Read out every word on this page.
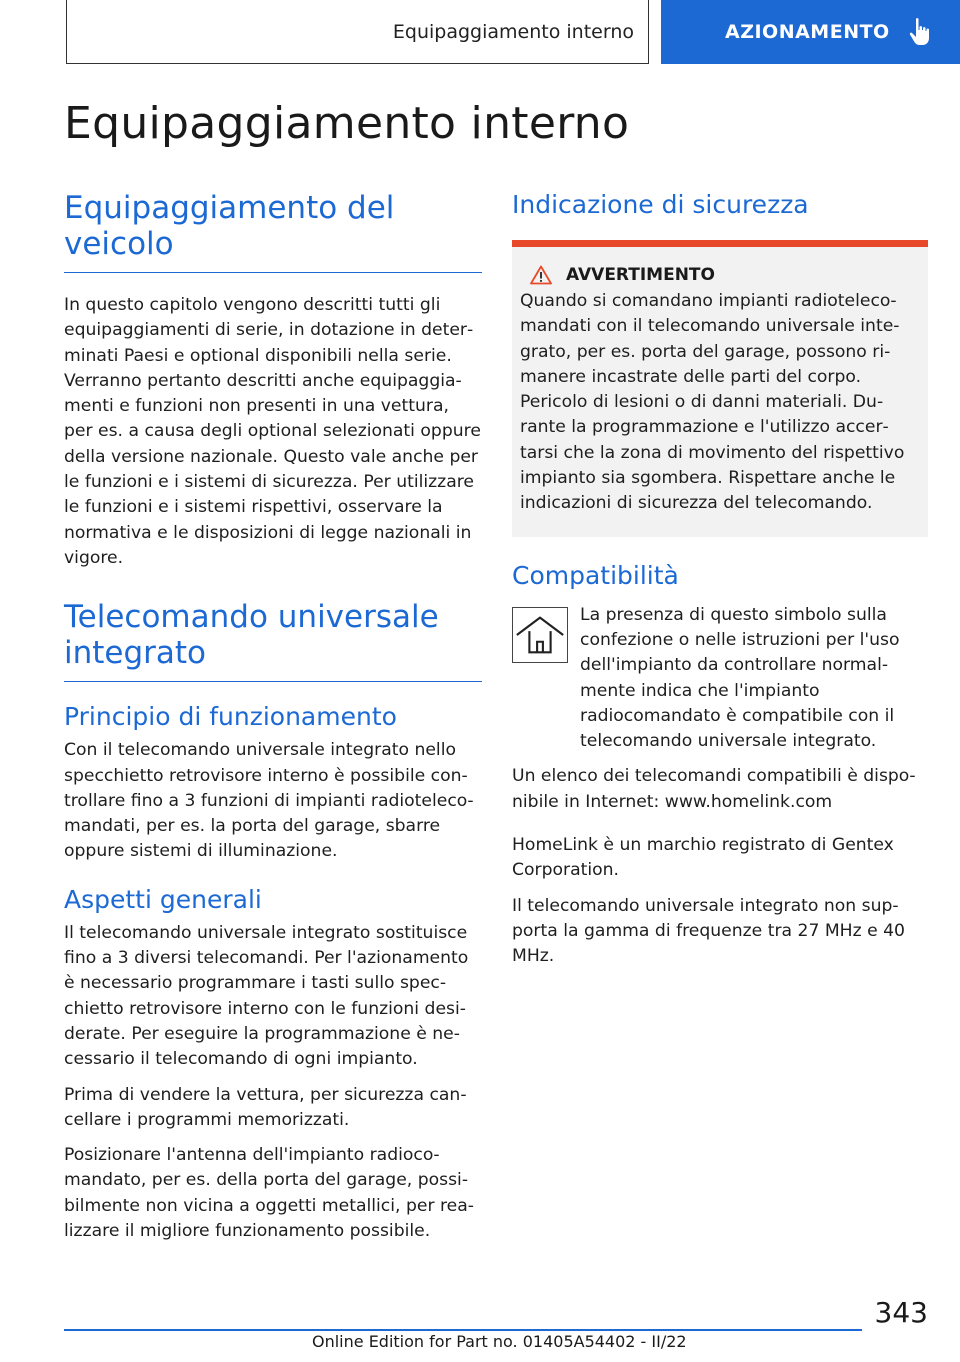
Equipaggiamento interno	AZIONAMENTO
Equipaggiamento interno
Equipaggiamento del veicolo

In questo capitolo vengono descritti tutti gli equipaggiamenti di serie, in dotazione in determinati Paesi e optional disponibili nella serie. Verranno pertanto descritti anche equipaggiamenti e funzioni non presenti in una vettura, per es. a causa degli optional selezionati oppure della versione nazionale. Questo vale anche per le funzioni e i sistemi di sicurezza. Per utilizzare le funzioni e i sistemi rispettivi, osservare la normativa e le disposizioni di legge nazionali in vigore.

Telecomando universale integrato
Principio di funzionamento

Con il telecomando universale integrato nello specchietto retrovisore interno è possibile controllare fino a 3 funzioni di impianti radiotelecomandati, per es. la porta del garage, sbarre oppure sistemi di illuminazione.

Aspetti generali

Il telecomando universale integrato sostituisce fino a 3 diversi telecomandi. Per l'azionamento è necessario programmare i tasti sullo specchietto retrovisore interno con le funzioni desiderate. Per eseguire la programmazione è necessario il telecomando di ogni impianto.

Prima di vendere la vettura, per sicurezza cancellare i programmi memorizzati.

Posizionare l'antenna dell'impianto radiocomandato, per es. della porta del garage, possibilmente non vicina a oggetti metallici, per realizzare il migliore funzionamento possibile.

Indicazione di sicurezza
AVVERTIMENTO

Quando si comandano impianti radiotelecomandati con il telecomando universale integrato, per es. porta del garage, possono rimanere incastrate delle parti del corpo. Pericolo di lesioni o di danni materiali. Durante la programmazione e l'utilizzo accertarsi che la zona di movimento del rispettivo impianto sia sgombera. Rispettare anche le indicazioni di sicurezza del telecomando.

Compatibilità

La presenza di questo simbolo sulla confezione o nelle istruzioni per l'uso dell'impianto da controllare normalmente indica che l'impianto radiocomandato è compatibile con il telecomando universale integrato.

Un elenco dei telecomandi compatibili è disponibile in Internet: www.homelink.com

HomeLink è un marchio registrato di Gentex Corporation.

Il telecomando universale integrato non supporta la gamma di frequenze tra 27 MHz e 40 MHz.

343
Online Edition for Part no. 01405A54402 - II/22
